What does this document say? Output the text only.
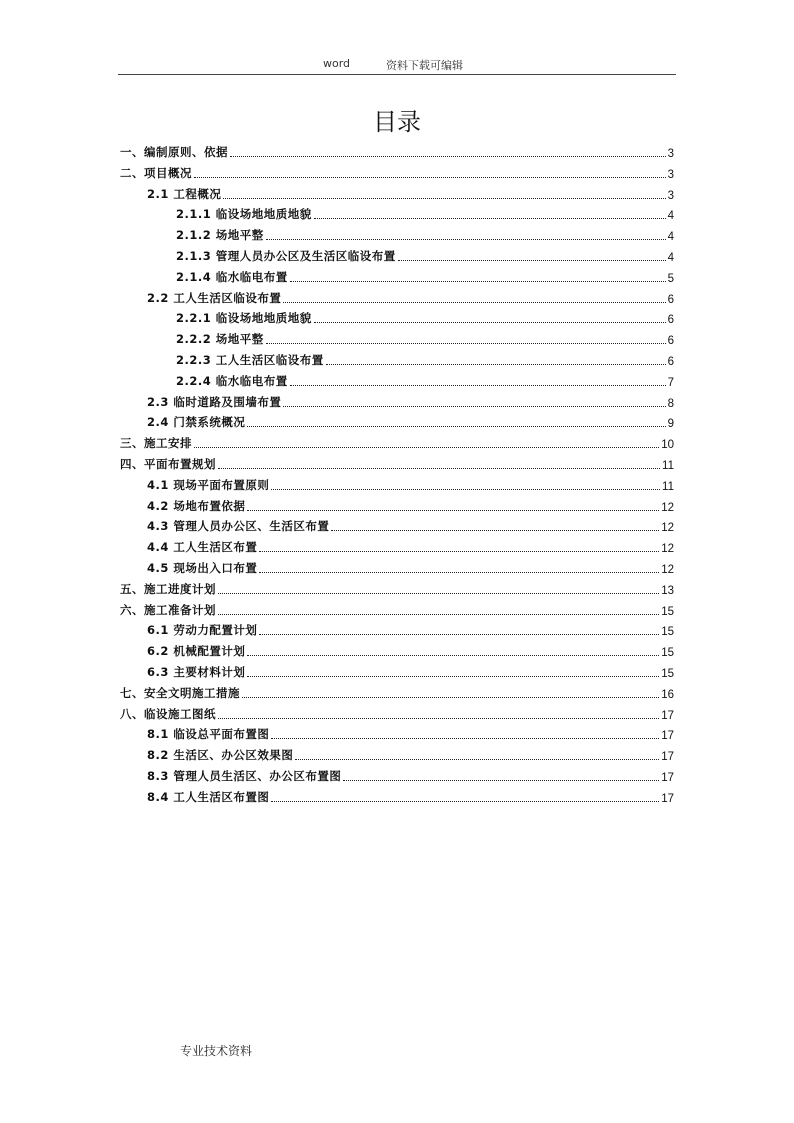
word	资料下载可编辑
目录
一、编制原则、依据	3
二、项目概况	3
2.1 工程概况	3
2.1.1 临设场地地质地貌	4
2.1.2 场地平整	4
2.1.3 管理人员办公区及生活区临设布置	4
2.1.4 临水临电布置	5
2.2 工人生活区临设布置	6
2.2.1 临设场地地质地貌	6
2.2.2 场地平整	6
2.2.3 工人生活区临设布置	6
2.2.4 临水临电布置	7
2.3 临时道路及围墙布置	8
2.4 门禁系统概况	9
三、施工安排	10
四、平面布置规划	11
4.1 现场平面布置原则	11
4.2 场地布置依据	12
4.3 管理人员办公区、生活区布置	12
4.4 工人生活区布置	12
4.5 现场出入口布置	12
五、施工进度计划	13
六、施工准备计划	15
6.1 劳动力配置计划	15
6.2 机械配置计划	15
6.3 主要材料计划	15
七、安全文明施工措施	16
八、临设施工图纸	17
8.1 临设总平面布置图	17
8.2 生活区、办公区效果图	17
8.3 管理人员生活区、办公区布置图	17
8.4 工人生活区布置图	17
专业技术资料
